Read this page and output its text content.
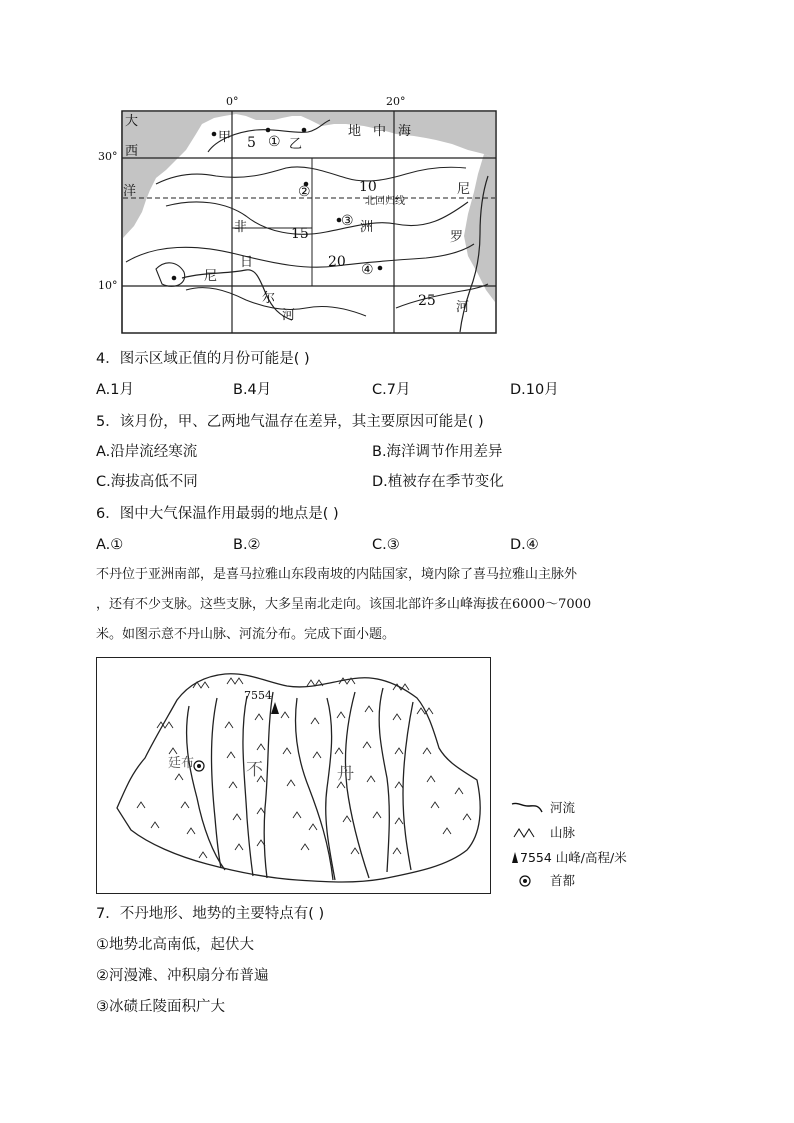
0°	20°
30°
10°
大
西
洋
地 中 海
非	洲
尼
罗
河
尼
日
尔
河
甲	乙
北回归线
5
10
15
20
25
①
②
③
④
4．图示区域正值的月份可能是( )
A.1月	B.4月	C.7月	D.10月
5．该月份，甲、乙两地气温存在差异，其主要原因可能是( )
A.沿岸流经寒流	B.海洋调节作用差异
C.海拔高低不同	D.植被存在季节变化
6．图中大气保温作用最弱的地点是( )
A.①	B.②	C.③	D.④
不丹位于亚洲南部，是喜马拉雅山东段南坡的内陆国家，境内除了喜马拉雅山主脉外
，还有不少支脉。这些支脉，大多呈南北走向。该国北部许多山峰海拔在6000～7000
米。如图示意不丹山脉、河流分布。完成下面小题。
7554
廷布	不	丹
河流
山脉
7554 山峰/高程/米
首都
7．不丹地形、地势的主要特点有( )
①地势北高南低，起伏大
②河漫滩、冲积扇分布普遍
③冰碛丘陵面积广大
